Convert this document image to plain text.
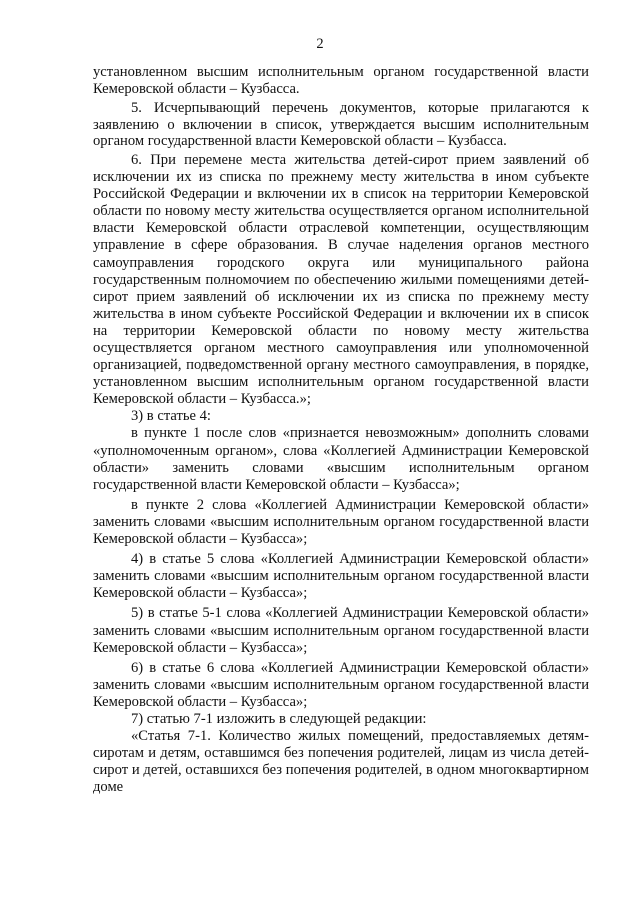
2

установленном высшим исполнительным органом государственной власти Кемеровской области – Кузбасса.

5. Исчерпывающий перечень документов, которые прилагаются к заявлению о включении в список, утверждается высшим исполнительным органом государственной власти Кемеровской области – Кузбасса.

6. При перемене места жительства детей-сирот прием заявлений об исключении их из списка по прежнему месту жительства в ином субъекте Российской Федерации и включении их в список на территории Кемеровской области по новому месту жительства осуществляется органом исполнительной власти Кемеровской области отраслевой компетенции, осуществляющим управление в сфере образования. В случае наделения органов местного самоуправления городского округа или муниципального района государственным полномочием по обеспечению жилыми помещениями детей-сирот прием заявлений об исключении их из списка по прежнему месту жительства в ином субъекте Российской Федерации и включении их в список на территории Кемеровской области по новому месту жительства осуществляется органом местного самоуправления или уполномоченной организацией, подведомственной органу местного самоуправления, в порядке, установленном высшим исполнительным органом государственной власти Кемеровской области – Кузбасса.»;

3) в статье 4:

в пункте 1 после слов «признается невозможным» дополнить словами «уполномоченным органом», слова «Коллегией Администрации Кемеровской области» заменить словами «высшим исполнительным органом государственной власти Кемеровской области – Кузбасса»;

в пункте 2 слова «Коллегией Администрации Кемеровской области» заменить словами «высшим исполнительным органом государственной власти Кемеровской области – Кузбасса»;

4) в статье 5 слова «Коллегией Администрации Кемеровской области» заменить словами «высшим исполнительным органом государственной власти Кемеровской области – Кузбасса»;

5) в статье 5-1 слова «Коллегией Администрации Кемеровской области» заменить словами «высшим исполнительным органом государственной власти Кемеровской области – Кузбасса»;

6) в статье 6 слова «Коллегией Администрации Кемеровской области» заменить словами «высшим исполнительным органом государственной власти Кемеровской области – Кузбасса»;

7) статью 7-1 изложить в следующей редакции:

«Статья 7-1. Количество жилых помещений, предоставляемых детям-сиротам и детям, оставшимся без попечения родителей, лицам из числа детей-сирот и детей, оставшихся без попечения родителей, в одном многоквартирном доме
